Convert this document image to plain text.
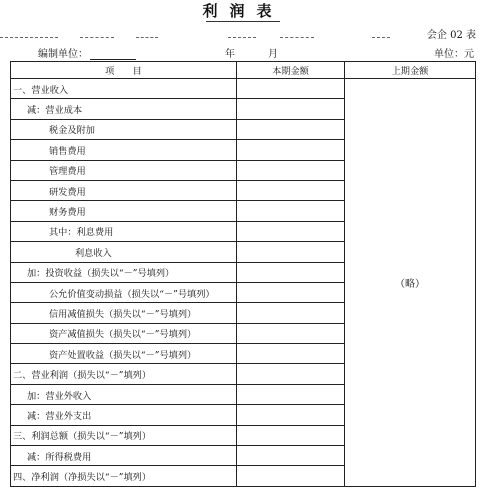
利润表
会企 02 表
编制单位：	年	月	单位：元
项　　目	本期金额	上期金额
一、营业收入		（略）
减：营业成本		
税金及附加		
销售费用		
管理费用		
研发费用		
财务费用		
其中：利息费用		
利息收入		
加：投资收益（损失以“－”号填列）		
公允价值变动损益（损失以“－”号填列）		
信用减值损失（损失以“－”号填列）		
资产减值损失（损失以“－”号填列）		
资产处置收益（损失以“－”号填列）		
二、营业利润（损失以“－”填列）		
加：营业外收入		
减：营业外支出		
三、利润总额（损失以“－”填列）		
减：所得税费用		
四、净利润（净损失以“－”填列）		
